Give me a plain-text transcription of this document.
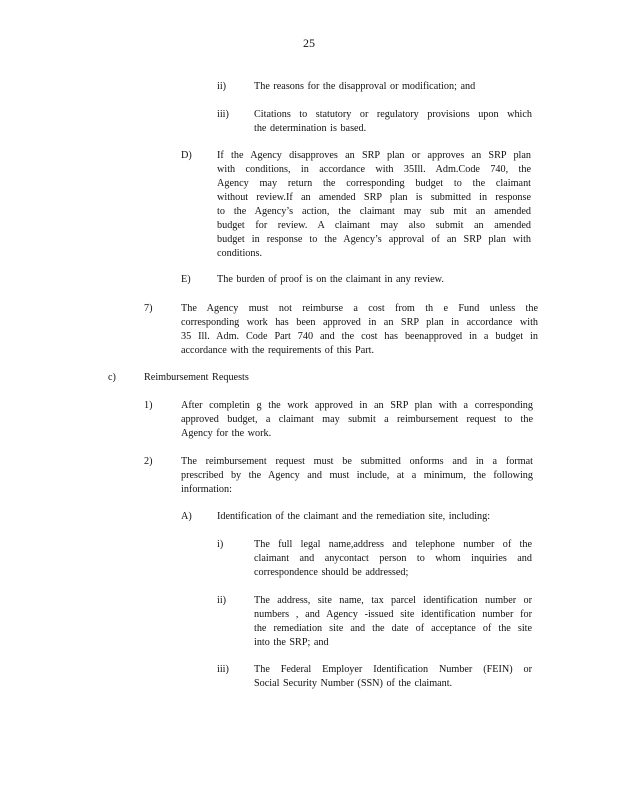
25
ii)	The reasons for the disapproval or modification; and
iii) Citations to statutory or regulatory provisions upon which
the determination is based.
D) If the Agency disapproves an SRP plan or approves an SRP plan
with conditions, in accordance with 35Ill. Adm.Code 740, the
Agency may return the corresponding budget to the claimant
without review.If an amended SRP plan is submitted in response
to the Agency’s action, the claimant may sub mit an amended
budget for review. A claimant may also submit an amended
budget in response to the Agency’s approval of an SRP plan with
conditions.
E)	The burden of proof is on the claimant in any review.
7)	The Agency must not reimburse a cost from th e Fund unless the
corresponding work has been approved in an SRP plan in accordance with
35 Ill. Adm. Code Part 740 and the cost has beenapproved in a budget in
accordance with the requirements of this Part.
c)	Reimbursement Requests
1)	After completin g the work approved in an SRP plan with a corresponding
approved budget, a claimant may submit a reimbursement request to the
Agency for the work.
2)	The reimbursement request must be submitted onforms and in a format
prescribed by the Agency and must include, at a minimum, the following
information:
A) Identification of the claimant and the remediation site, including:
i)	The full legal name,address and telephone number of the
claimant and anycontact person to whom inquiries and
correspondence should be addressed;
ii)	The address, site name, tax parcel identification number or
numbers , and Agency -issued site identification number for
the remediation site and the date of acceptance of the site
into the SRP; and
iii) The Federal Employer Identification Number (FEIN) or
Social Security Number (SSN) of the claimant.
